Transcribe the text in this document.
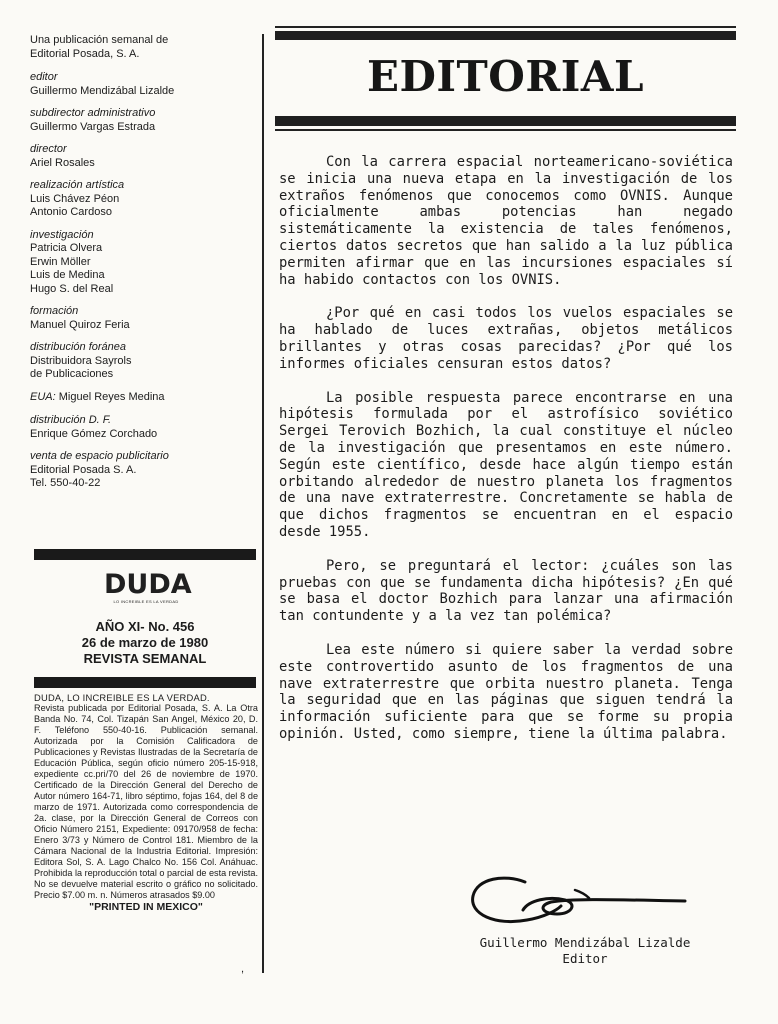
Una publicación semanal de
Editorial Posada, S. A.
editor
Guillermo Mendizábal Lizalde
subdirector administrativo
Guillermo Vargas Estrada
director
Ariel Rosales
realización artística
Luis Chávez Péon
Antonio Cardoso
investigación
Patricia Olvera
Erwin Möller
Luis de Medina
Hugo S. del Real
formación
Manuel Quiroz Feria
distribución foránea
Distribuidora Sayrols
de Publicaciones
EUA: Miguel Reyes Medina
distribución D. F.
Enrique Gómez Corchado
venta de espacio publicitario
Editorial Posada S. A.
Tel. 550-40-22
DUDA
LO INCREIBLE ES LA VERDAD
AÑO XI- No. 456
26 de marzo de 1980
REVISTA SEMANAL
DUDA, LO INCREIBLE ES LA VERDAD.
Revista publicada por Editorial Posada, S. A. La Otra Banda No. 74, Col. Tizapán San Angel, México 20, D. F. Teléfono 550-40-16. Publicación semanal. Autorizada por la Comisión Calificadora de Publicaciones y Revistas Ilustradas de la Secretaría de Educación Pública, según oficio número 205-15-918, expediente cc.pri/70 del 26 de noviembre de 1970. Certificado de la Dirección General del Derecho de Autor número 164-71, libro séptimo, fojas 164, del 8 de marzo de 1971. Autorizada como correspondencia de 2a. clase, por la Dirección General de Correos con Oficio Número 2151, Expediente: 09170/958 de fecha: Enero 3/73 y Número de Control 181. Miembro de la Cámara Nacional de la Industria Editorial. Impresión: Editora Sol, S. A. Lago Chalco No. 156 Col. Anáhuac. Prohibida la reproducción total o parcial de esta revista. No se devuelve material escrito o gráfico no solicitado. Precio $7.00 m. n. Números atrasados $9.00
"PRINTED IN MEXICO"
,
EDITORIAL

Con la carrera espacial norteamericano-soviética se inicia una nueva etapa en la investigación de los extraños fenómenos que conocemos como OVNIS. Aunque oficialmente ambas potencias han negado sistemáticamente la existencia de tales fenómenos, ciertos datos secretos que han salido a la luz pública permiten afirmar que en las incursiones espaciales sí ha habido contactos con los OVNIS.

¿Por qué en casi todos los vuelos espaciales se ha hablado de luces extrañas, objetos metálicos brillantes y otras cosas parecidas? ¿Por qué los informes oficiales censuran estos datos?

La posible respuesta parece encontrarse en una hipótesis formulada por el astrofísico soviético Sergei Terovich Bozhich, la cual constituye el núcleo de la investigación que presentamos en este número. Según este científico, desde hace algún tiempo están orbitando alrededor de nuestro planeta los fragmentos de una nave extraterrestre. Concretamente se habla de que dichos fragmentos se encuentran en el espacio desde 1955.

Pero, se preguntará el lector: ¿cuáles son las pruebas con que se fundamenta dicha hipótesis? ¿En qué se basa el doctor Bozhich para lanzar una afirmación tan contundente y a la vez tan polémica?

Lea este número si quiere saber la verdad sobre este controvertido asunto de los fragmentos de una nave extraterrestre que orbita nuestro planeta. Tenga la seguridad que en las páginas que siguen tendrá la información suficiente para que se forme su propia opinión. Usted, como siempre, tiene la última palabra.

Guillermo Mendizábal Lizalde
Editor
